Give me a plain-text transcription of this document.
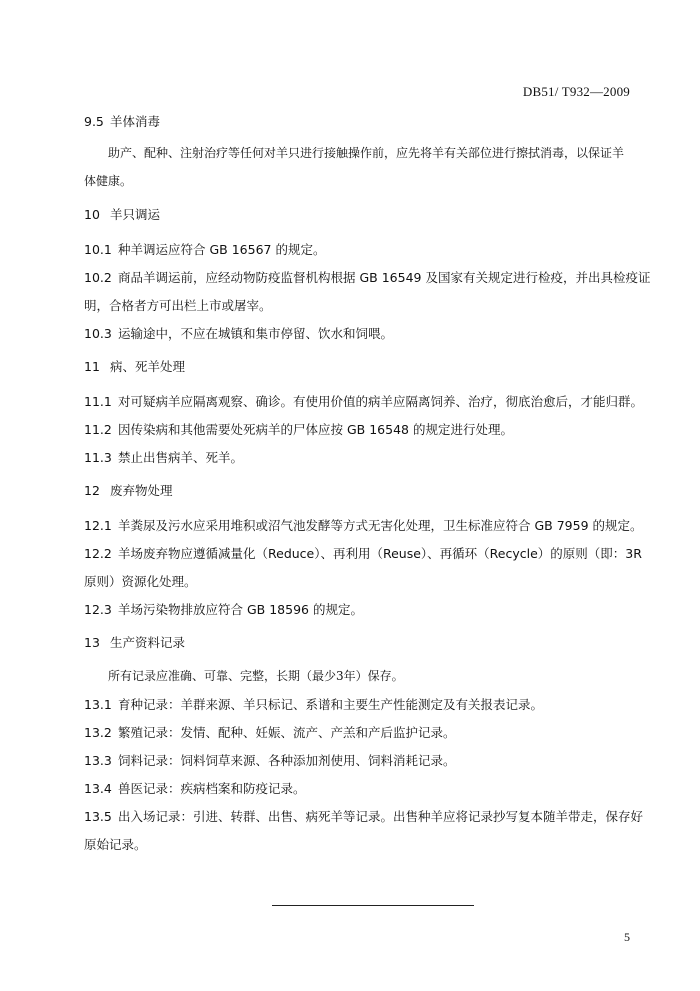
DB51/ T932—2009

9.5 羊体消毒

助产、配种、注射治疗等任何对羊只进行接触操作前，应先将羊有关部位进行擦拭消毒，以保证羊

体健康。

10 羊只调运

10.1 种羊调运应符合 GB 16567 的规定。

10.2 商品羊调运前，应经动物防疫监督机构根据 GB 16549 及国家有关规定进行检疫，并出具检疫证

明，合格者方可出栏上市或屠宰。

10.3 运输途中，不应在城镇和集市停留、饮水和饲喂。

11 病、死羊处理

11.1 对可疑病羊应隔离观察、确诊。有使用价值的病羊应隔离饲养、治疗，彻底治愈后，才能归群。

11.2 因传染病和其他需要处死病羊的尸体应按 GB 16548 的规定进行处理。

11.3 禁止出售病羊、死羊。

12 废弃物处理

12.1 羊粪尿及污水应采用堆积或沼气池发酵等方式无害化处理，卫生标准应符合 GB 7959 的规定。

12.2 羊场废弃物应遵循减量化（Reduce）、再利用（Reuse）、再循环（Recycle）的原则（即：3R

原则）资源化处理。

12.3 羊场污染物排放应符合 GB 18596 的规定。

13 生产资料记录

所有记录应准确、可靠、完整，长期（最少3年）保存。

13.1 育种记录：羊群来源、羊只标记、系谱和主要生产性能测定及有关报表记录。

13.2 繁殖记录：发情、配种、妊娠、流产、产羔和产后监护记录。

13.3 饲料记录：饲料饲草来源、各种添加剂使用、饲料消耗记录。

13.4 兽医记录：疾病档案和防疫记录。

13.5 出入场记录：引进、转群、出售、病死羊等记录。出售种羊应将记录抄写复本随羊带走，保存好

原始记录。

5
